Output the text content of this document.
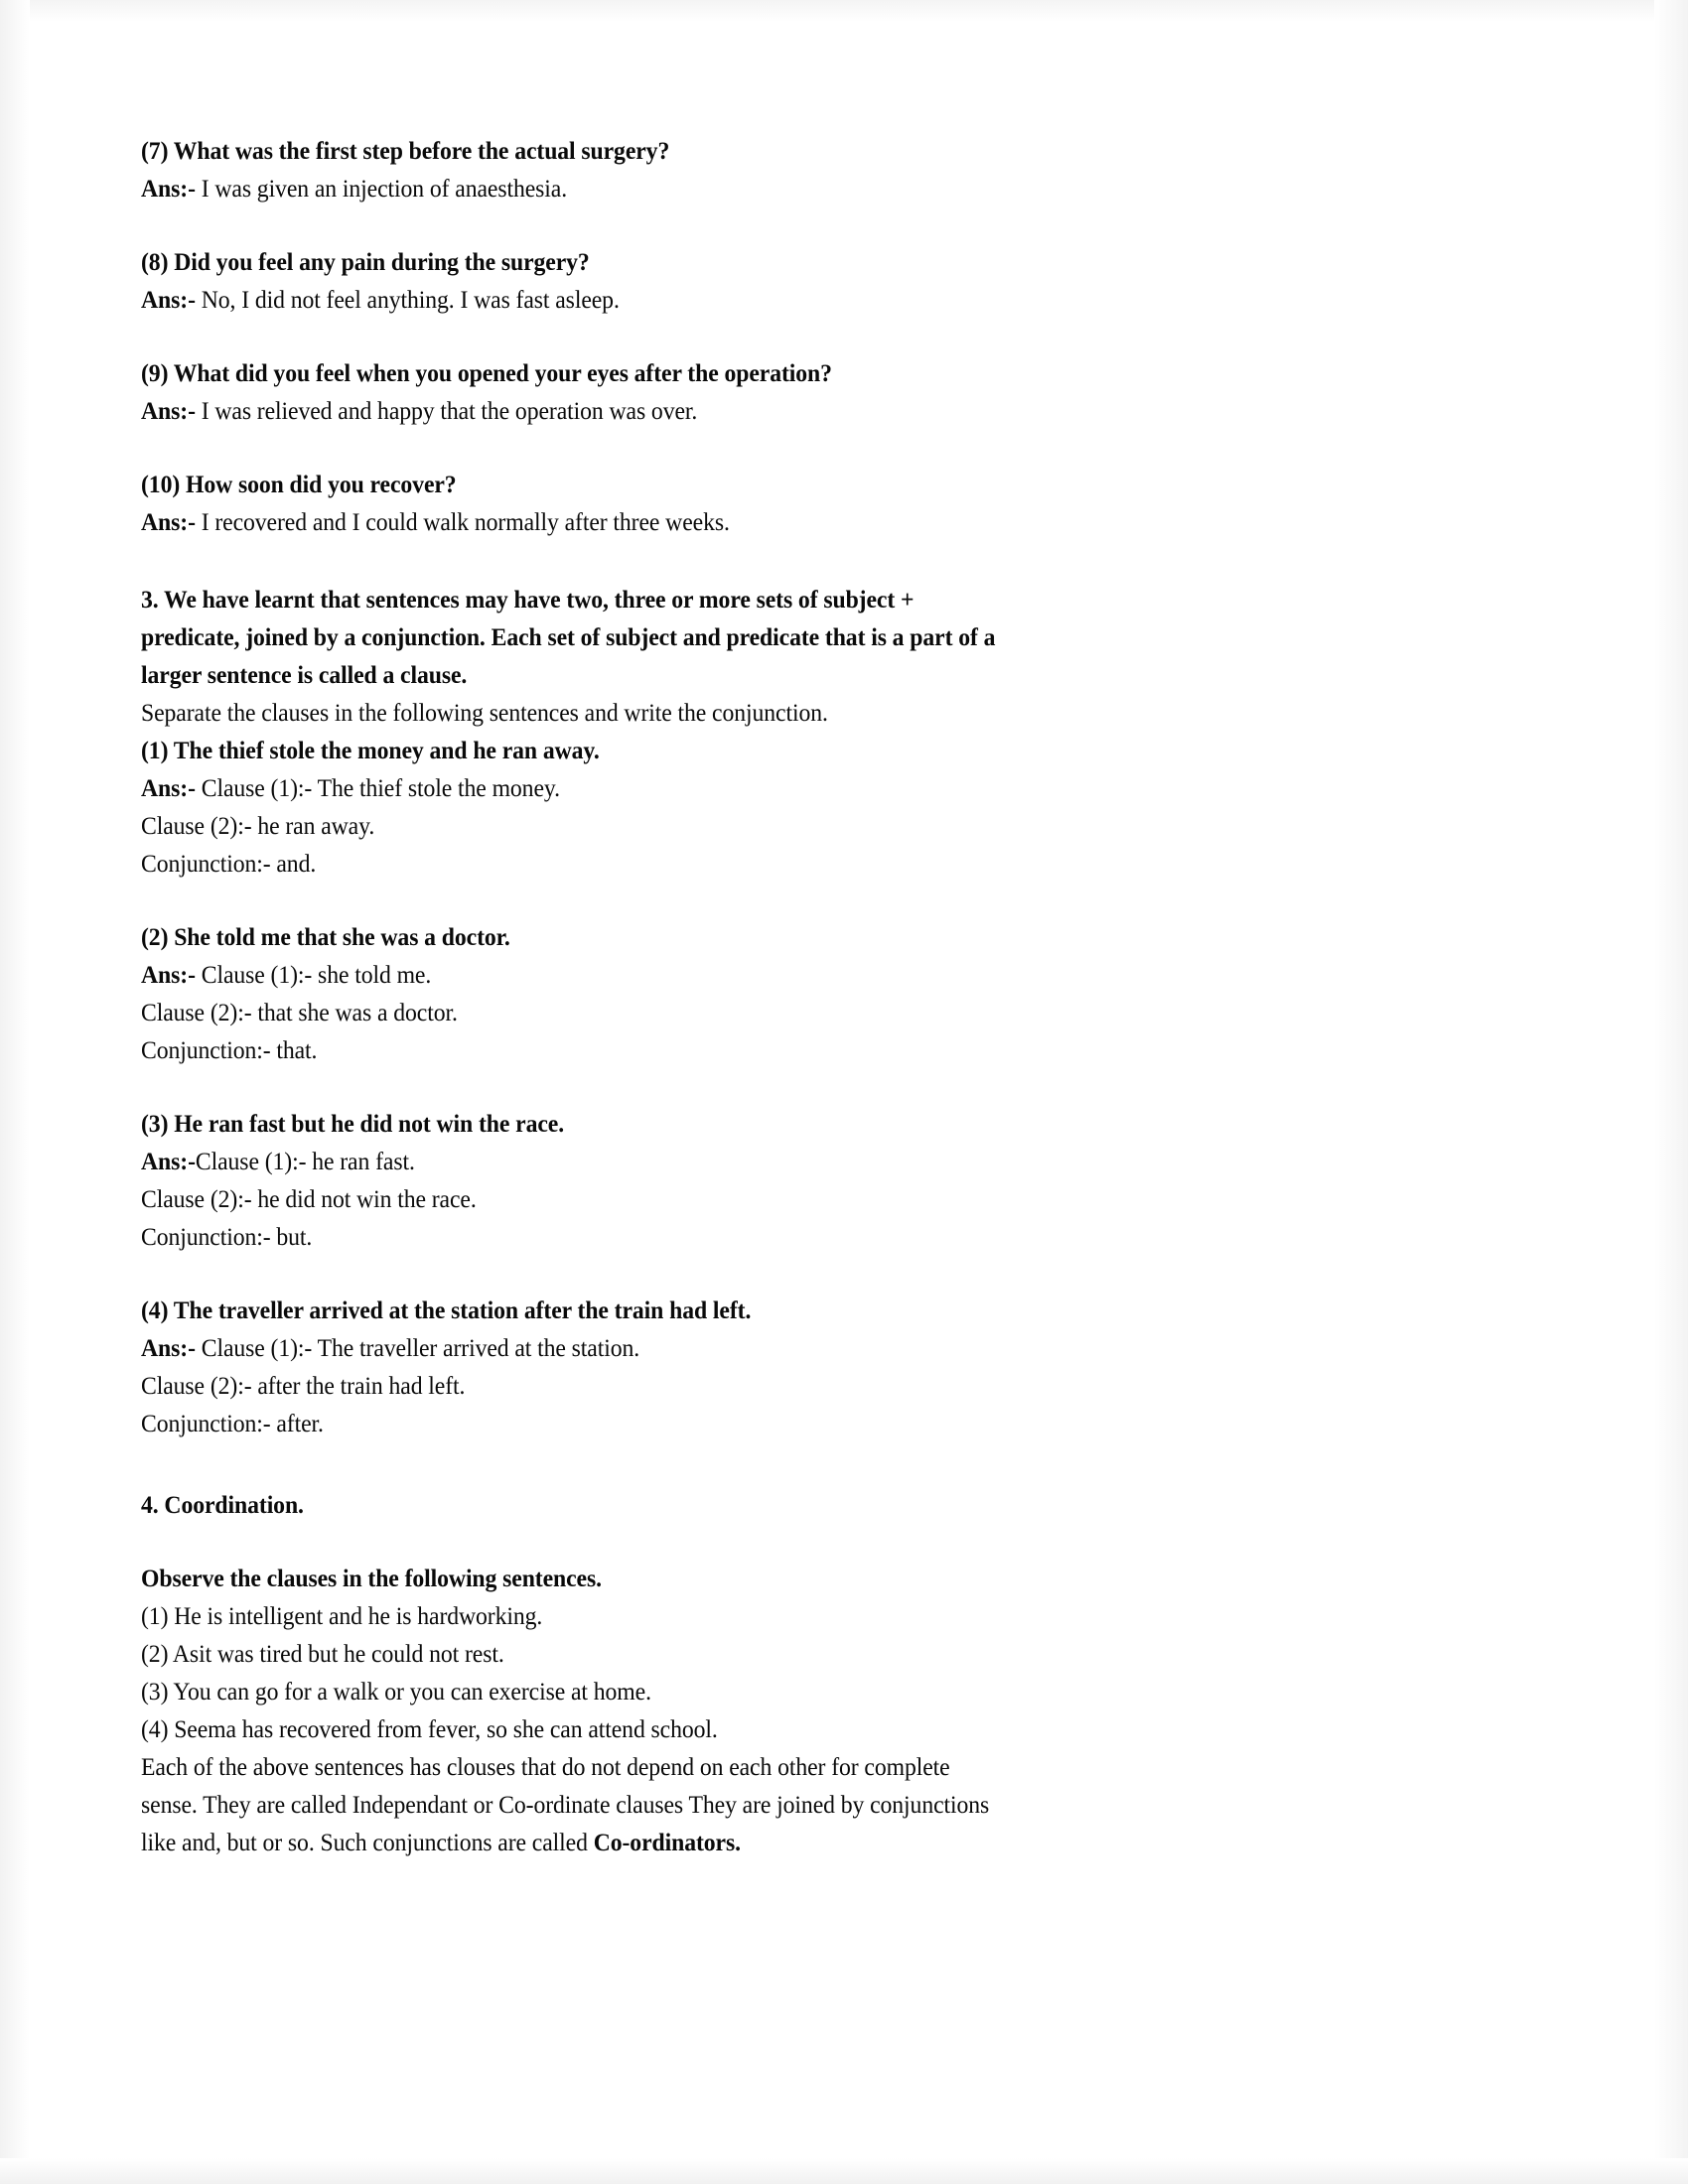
(7) What was the first step before the actual surgery?
Ans:- I was given an injection of anaesthesia.
(8) Did you feel any pain during the surgery?
Ans:- No, I did not feel anything. I was fast asleep.
(9) What did you feel when you opened your eyes after the operation?
Ans:- I was relieved and happy that the operation was over.
(10) How soon did you recover?
Ans:- I recovered and I could walk normally after three weeks.
3. We have learnt that sentences may have two, three or more sets of subject +
predicate, joined by a conjunction. Each set of subject and predicate that is a part of a
larger sentence is called a clause.
Separate the clauses in the following sentences and write the conjunction.
(1) The thief stole the money and he ran away.
Ans:- Clause (1):- The thief stole the money.
Clause (2):- he ran away.
Conjunction:- and.
(2) She told me that she was a doctor.
Ans:- Clause (1):- she told me.
Clause (2):- that she was a doctor.
Conjunction:- that.
(3) He ran fast but he did not win the race.
Ans:-Clause (1):- he ran fast.
Clause (2):- he did not win the race.
Conjunction:- but.
(4) The traveller arrived at the station after the train had left.
Ans:- Clause (1):- The traveller arrived at the station.
Clause (2):- after the train had left.
Conjunction:- after.
4. Coordination.
Observe the clauses in the following sentences.
(1) He is intelligent and he is hardworking.
(2) Asit was tired but he could not rest.
(3) You can go for a walk or you can exercise at home.
(4) Seema has recovered from fever, so she can attend school.
Each of the above sentences has clouses that do not depend on each other for complete
sense. They are called Independant or Co-ordinate clauses They are joined by conjunctions
like and, but or so. Such conjunctions are called Co-ordinators.
